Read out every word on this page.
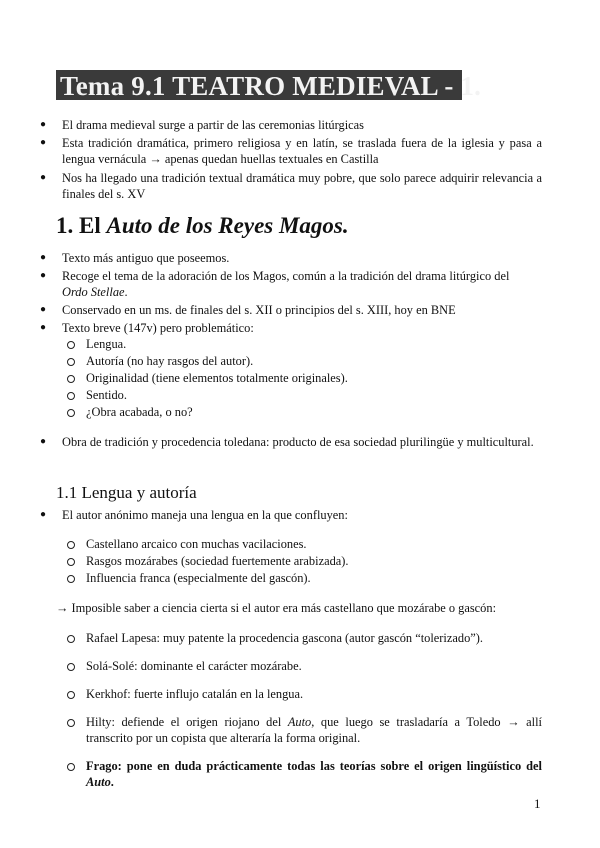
Tema 9.1 TEATRO MEDIEVAL - 1.
● El drama medieval surge a partir de las ceremonias litúrgicas
● Esta tradición dramática, primero religiosa y en latín, se traslada fuera de la iglesia y pasa a lengua vernácula → apenas quedan huellas textuales en Castilla
● Nos ha llegado una tradición textual dramática muy pobre, que solo parece adquirir relevancia a finales del s. XV
1. El Auto de los Reyes Magos.
● Texto más antiguo que poseemos.
● Recoge el tema de la adoración de los Magos, común a la tradición del drama litúrgico del
Ordo Stellae.
● Conservado en un ms. de finales del s. XII o principios del s. XIII, hoy en BNE
● Texto breve (147v) pero problemático:
Lengua.
Autoría (no hay rasgos del autor).
Originalidad (tiene elementos totalmente originales).
Sentido.
¿Obra acabada, o no?
● Obra de tradición y procedencia toledana: producto de esa sociedad plurilingüe y multicultural.
1.1 Lengua y autoría
● El autor anónimo maneja una lengua en la que confluyen:
Castellano arcaico con muchas vacilaciones.
Rasgos mozárabes (sociedad fuertemente arabizada).
Influencia franca (especialmente del gascón).
→ Imposible saber a ciencia cierta si el autor era más castellano que mozárabe o gascón:
Rafael Lapesa: muy patente la procedencia gascona (autor gascón “tolerizado”).
Solá-Solé: dominante el carácter mozárabe.
Kerkhof: fuerte influjo catalán en la lengua.
Hilty: defiende el origen riojano del Auto, que luego se trasladaría a Toledo → allí transcrito por un copista que alteraría la forma original.
Frago: pone en duda prácticamente todas las teorías sobre el origen lingüístico del Auto.
1
